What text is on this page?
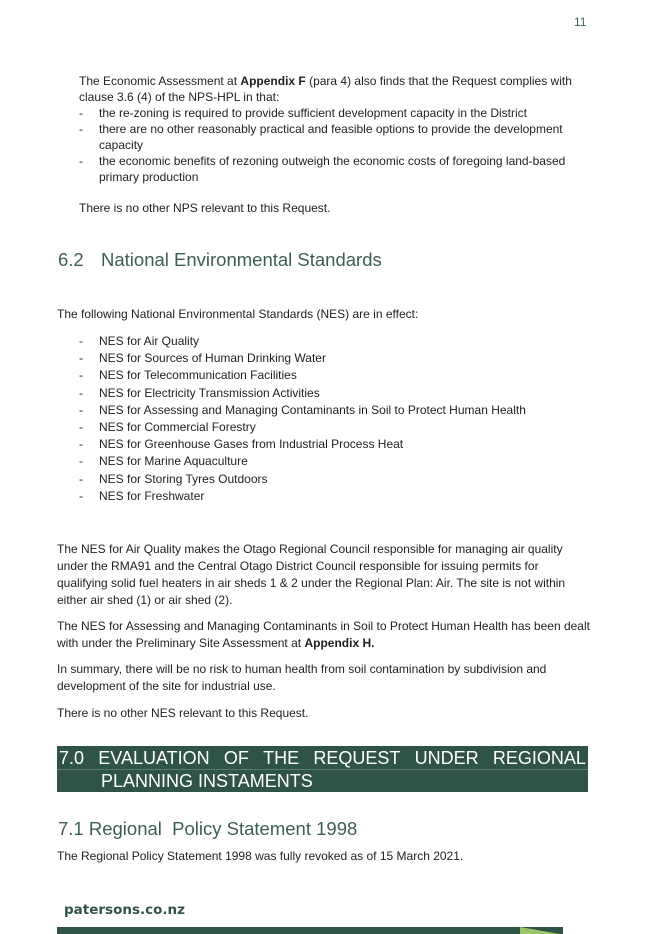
11

The Economic Assessment at Appendix F (para 4) also finds that the Request complies with clause 3.6 (4) of the NPS-HPL in that:

- the re-zoning is required to provide sufficient development capacity in the District
- there are no other reasonably practical and feasible options to provide the development capacity
- the economic benefits of rezoning outweigh the economic costs of foregoing land-based primary production

There is no other NPS relevant to this Request.

6.2 National Environmental Standards

The following National Environmental Standards (NES) are in effect:

- NES for Air Quality
- NES for Sources of Human Drinking Water
- NES for Telecommunication Facilities
- NES for Electricity Transmission Activities
- NES for Assessing and Managing Contaminants in Soil to Protect Human Health
- NES for Commercial Forestry
- NES for Greenhouse Gases from Industrial Process Heat
- NES for Marine Aquaculture
- NES for Storing Tyres Outdoors
- NES for Freshwater

The NES for Air Quality makes the Otago Regional Council responsible for managing air quality under the RMA91 and the Central Otago District Council responsible for issuing permits for qualifying solid fuel heaters in air sheds 1 & 2 under the Regional Plan: Air. The site is not within either air shed (1) or air shed (2).

The NES for Assessing and Managing Contaminants in Soil to Protect Human Health has been dealt with under the Preliminary Site Assessment at Appendix H.

In summary, there will be no risk to human health from soil contamination by subdivision and development of the site for industrial use.

There is no other NES relevant to this Request.

7.0 EVALUATION OF THE REQUEST UNDER REGIONAL
PLANNING INSTAMENTS
7.1 Regional  Policy Statement 1998

The Regional Policy Statement 1998 was fully revoked as of 15 March 2021.

patersons.co.nz
